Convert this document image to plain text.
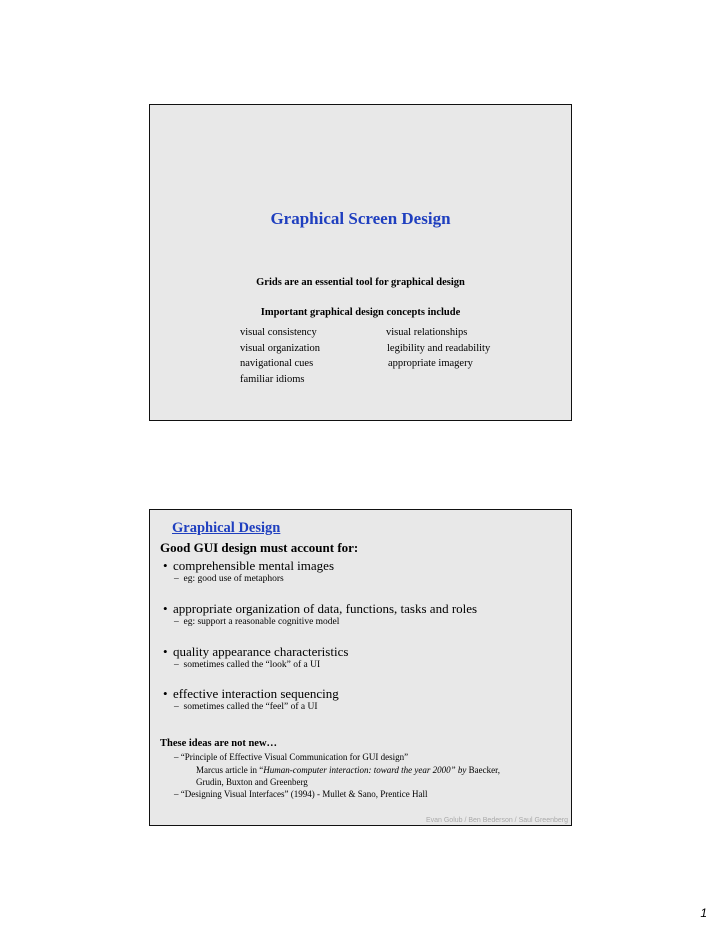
Graphical Screen Design
Grids are an essential tool for graphical design
Important graphical design concepts include
visual consistency
visual organization
navigational cues
familiar idioms
visual relationships
legibility and readability
appropriate imagery
Graphical Design
Good GUI design must account for:
• comprehensible mental images
– eg: good use of metaphors
• appropriate organization of data, functions, tasks and roles
– eg: support a reasonable cognitive model
• quality appearance characteristics
– sometimes called the “look” of a UI
• effective interaction sequencing
– sometimes called the “feel” of a UI
These ideas are not new…
– “Principle of Effective Visual Communication for GUI design”
Marcus article in “Human-computer interaction: toward the year 2000” by Baecker,
Grudin, Buxton and Greenberg
– “Designing Visual Interfaces” (1994) - Mullet & Sano, Prentice Hall
Evan Golub / Ben Bederson / Saul Greenberg
1
